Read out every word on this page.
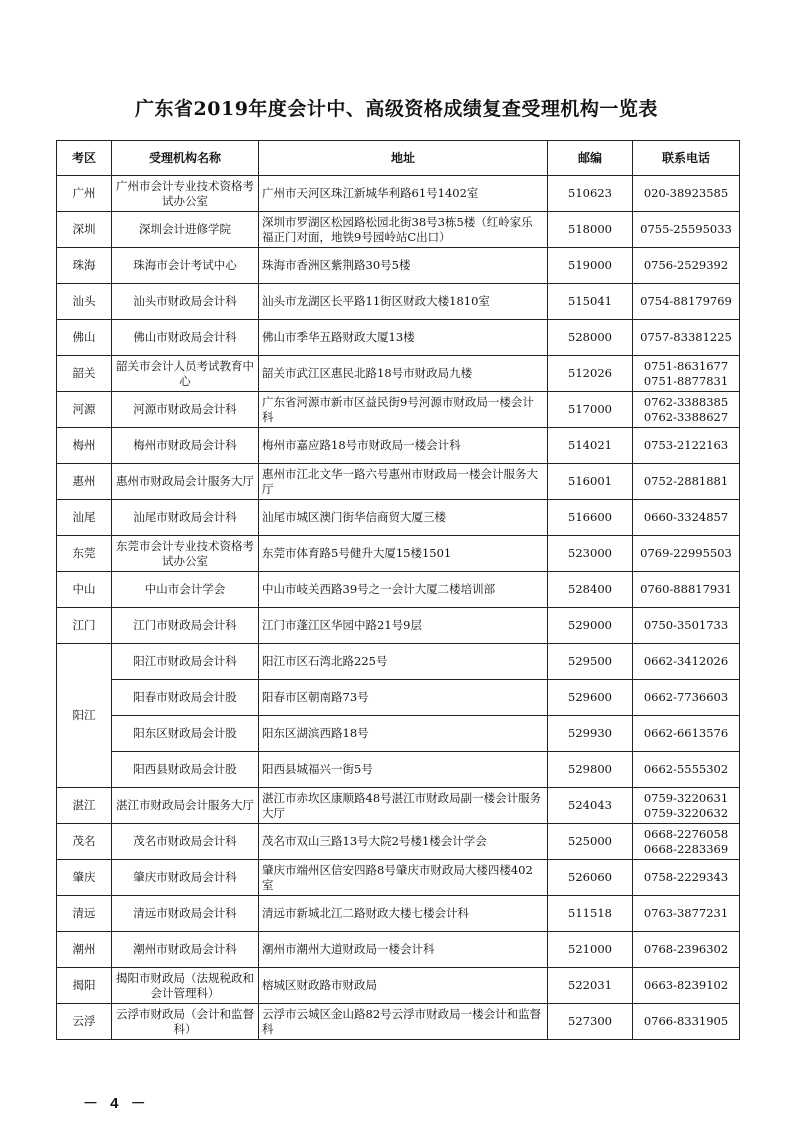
广东省2019年度会计中、高级资格成绩复查受理机构一览表
考区	受理机构名称	地址	邮编	联系电话
广州	广州市会计专业技术资格考试办公室	广州市天河区珠江新城华利路61号1402室	510623	020-38923585

深圳	深圳会计进修学院	深圳市罗湖区松园路松园北街38号3栋5楼（红岭家乐福正门对面，地铁9号园岭站C出口）	518000	0755-25595033

珠海	珠海市会计考试中心	珠海市香洲区紫荆路30号5楼	519000	0756-2529392

汕头	汕头市财政局会计科	汕头市龙湖区长平路11街区财政大楼1810室	515041	0754-88179769

佛山	佛山市财政局会计科	佛山市季华五路财政大厦13楼	528000	0757-83381225

韶关	韶关市会计人员考试教育中心	韶关市武江区惠民北路18号市财政局九楼	512026	0751-8631677
0751-8877831

河源	河源市财政局会计科	广东省河源市新市区益民街9号河源市财政局一楼会计科	517000	0762-3388385
0762-3388627

梅州	梅州市财政局会计科	梅州市嘉应路18号市财政局一楼会计科	514021	0753-2122163

惠州	惠州市财政局会计服务大厅	惠州市江北文华一路六号惠州市财政局一楼会计服务大厅	516001	0752-2881881

汕尾	汕尾市财政局会计科	汕尾市城区澳门街华信商贸大厦三楼	516600	0660-3324857

东莞	东莞市会计专业技术资格考试办公室	东莞市体育路5号健升大厦15楼1501	523000	0769-22995503

中山	中山市会计学会	中山市岐关西路39号之一会计大厦二楼培训部	528400	0760-88817931

江门	江门市财政局会计科	江门市蓬江区华园中路21号9层	529000	0750-3501733

阳江	阳江市财政局会计科	阳江市区石湾北路225号	529500	0662-3412026

	阳春市财政局会计股	阳春市区朝南路73号	529600	0662-7736603

	阳东区财政局会计股	阳东区湖滨西路18号	529930	0662-6613576

	阳西县财政局会计股	阳西县城福兴一街5号	529800	0662-5555302

湛江	湛江市财政局会计服务大厅	湛江市赤坎区康顺路48号湛江市财政局副一楼会计服务大厅	524043	0759-3220631
0759-3220632

茂名	茂名市财政局会计科	茂名市双山三路13号大院2号楼1楼会计学会	525000	0668-2276058
0668-2283369

肇庆	肇庆市财政局会计科	肇庆市端州区信安四路8号肇庆市财政局大楼四楼402室	526060	0758-2229343

清远	清远市财政局会计科	清远市新城北江二路财政大楼七楼会计科	511518	0763-3877231

潮州	潮州市财政局会计科	潮州市潮州大道财政局一楼会计科	521000	0768-2396302

揭阳	揭阳市财政局（法规税政和会计管理科）	榕城区财政路市财政局	522031	0663-8239102

云浮	云浮市财政局（会计和监督科）	云浮市云城区金山路82号云浮市财政局一楼会计和监督科	527300	0766-8331905
－ 4 －
